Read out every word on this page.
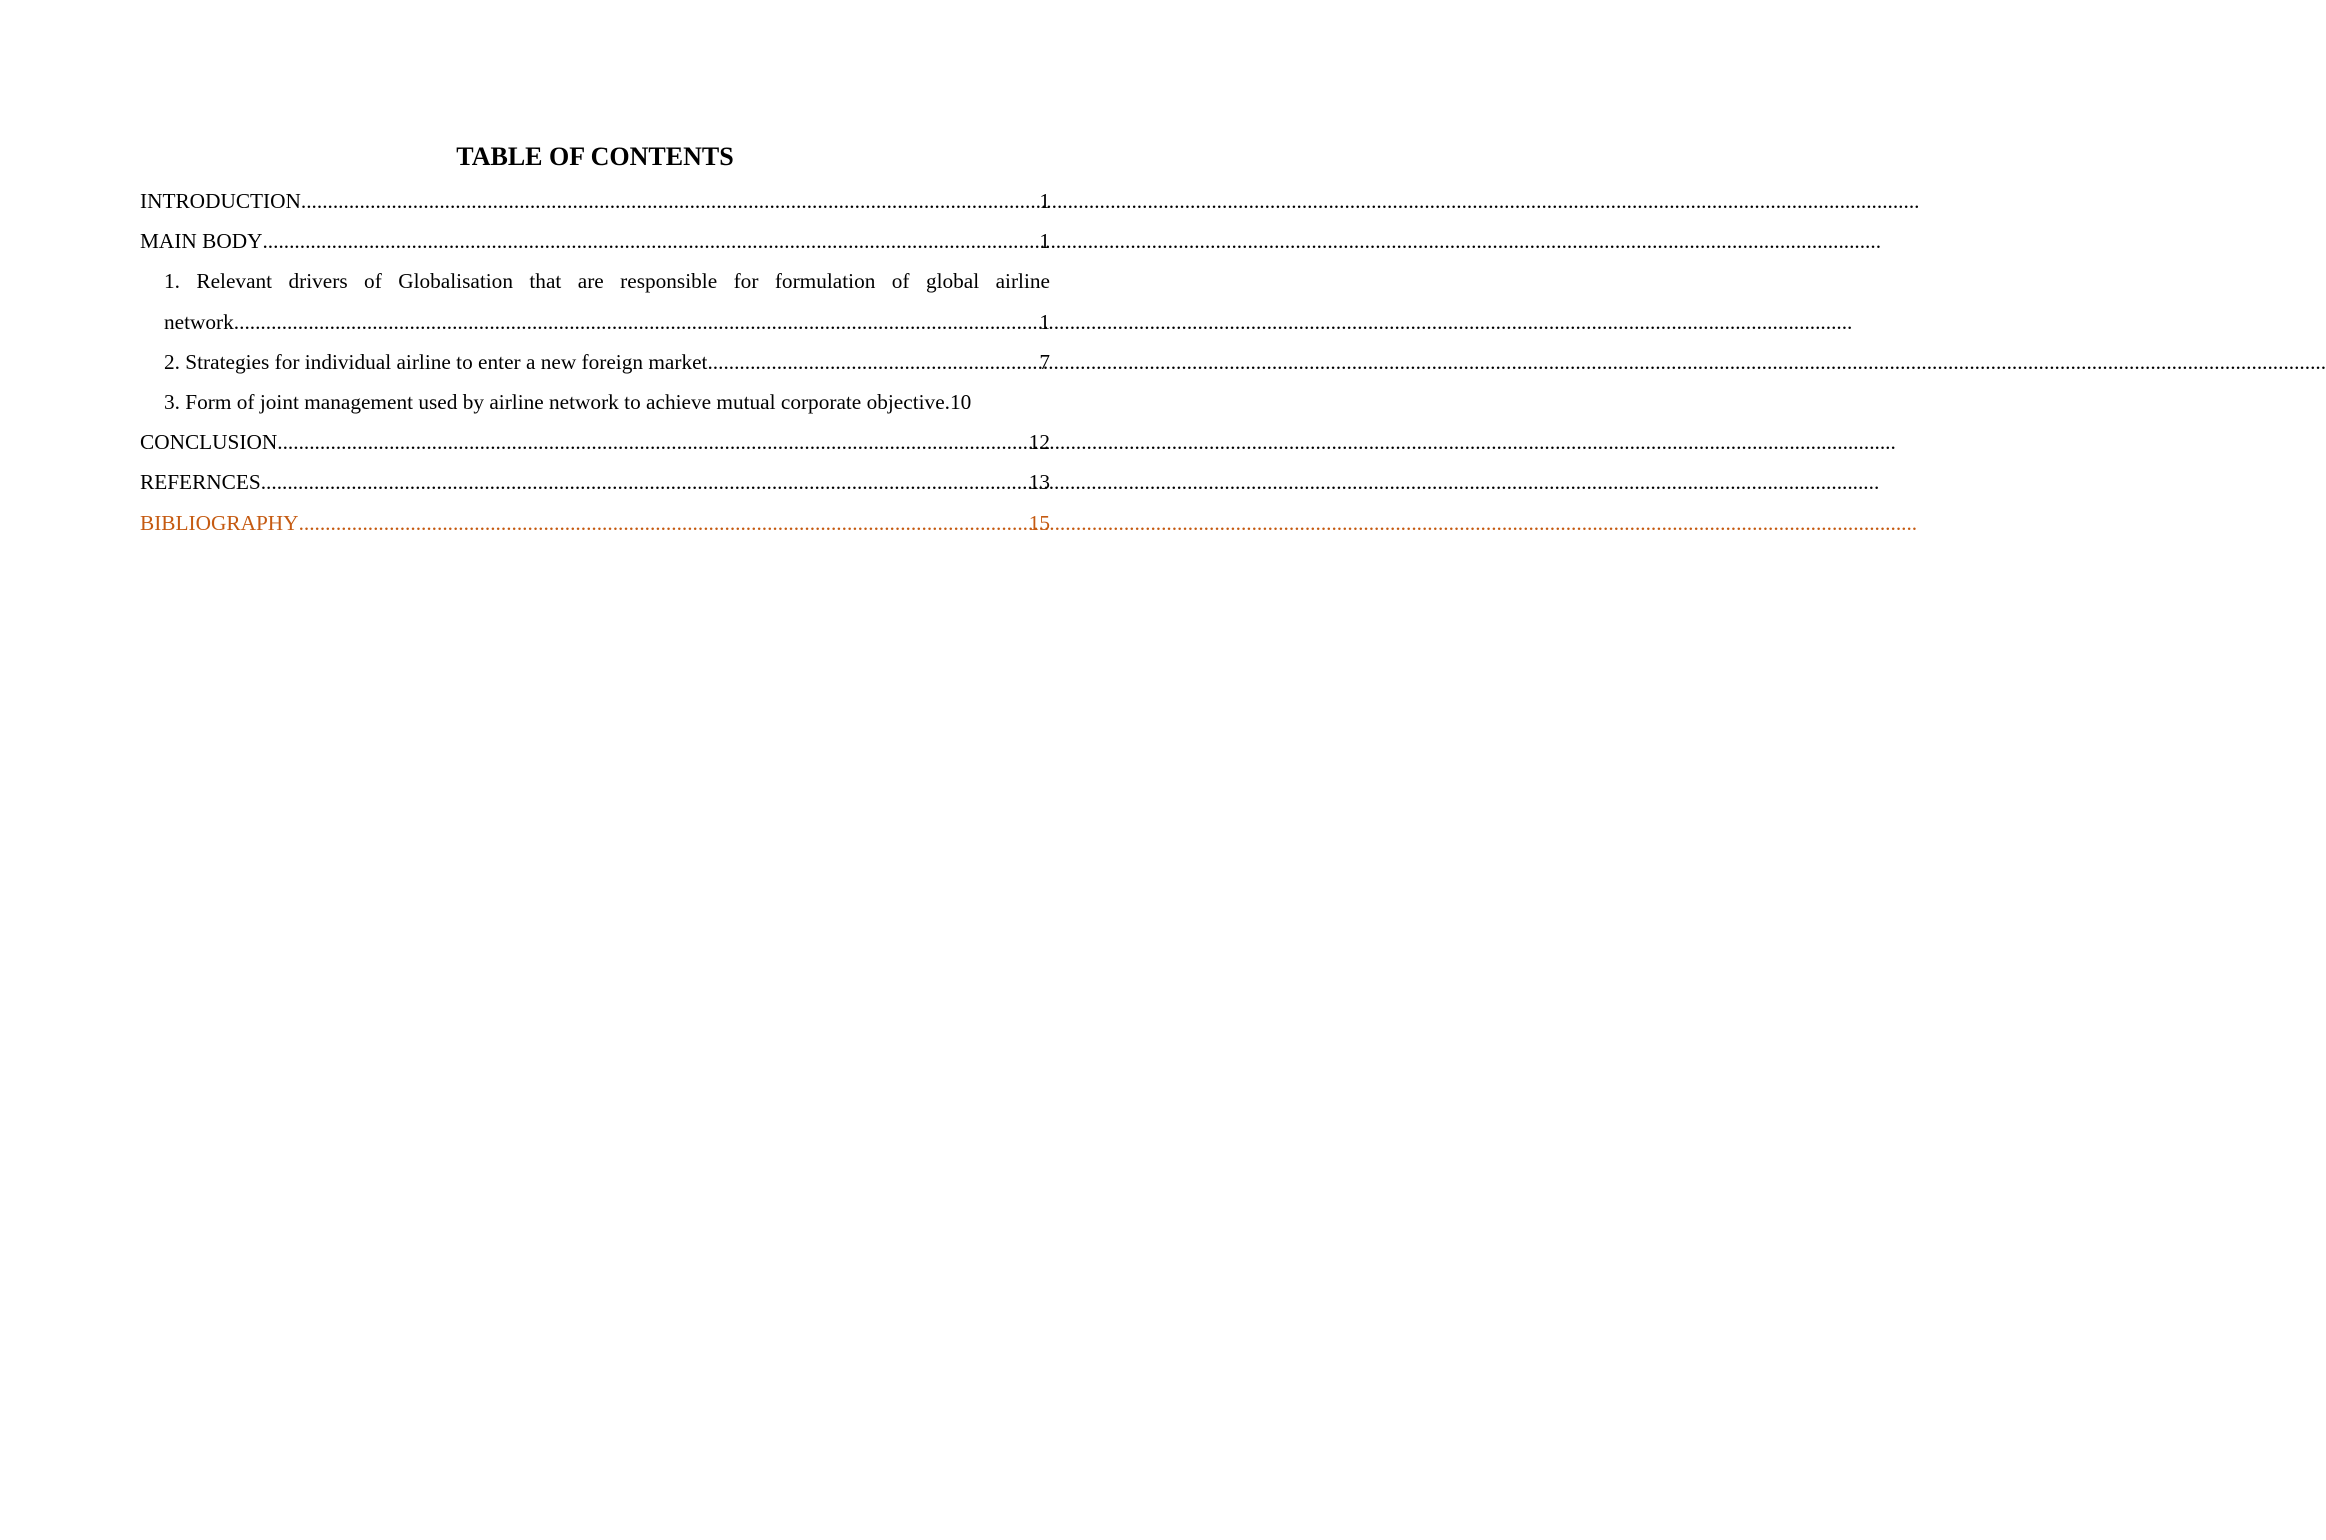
TABLE OF CONTENTS
INTRODUCTION .....	1
MAIN BODY .....	1
1. Relevant drivers of Globalisation that are responsible for formulation of global airline
network .....	1
2. Strategies for individual airline to enter a new foreign market .....	7
3. Form of joint management used by airline network to achieve mutual corporate objective. 10
CONCLUSION .....	12
REFERNCES .....	13
BIBLIOGRAPHY .....	15
